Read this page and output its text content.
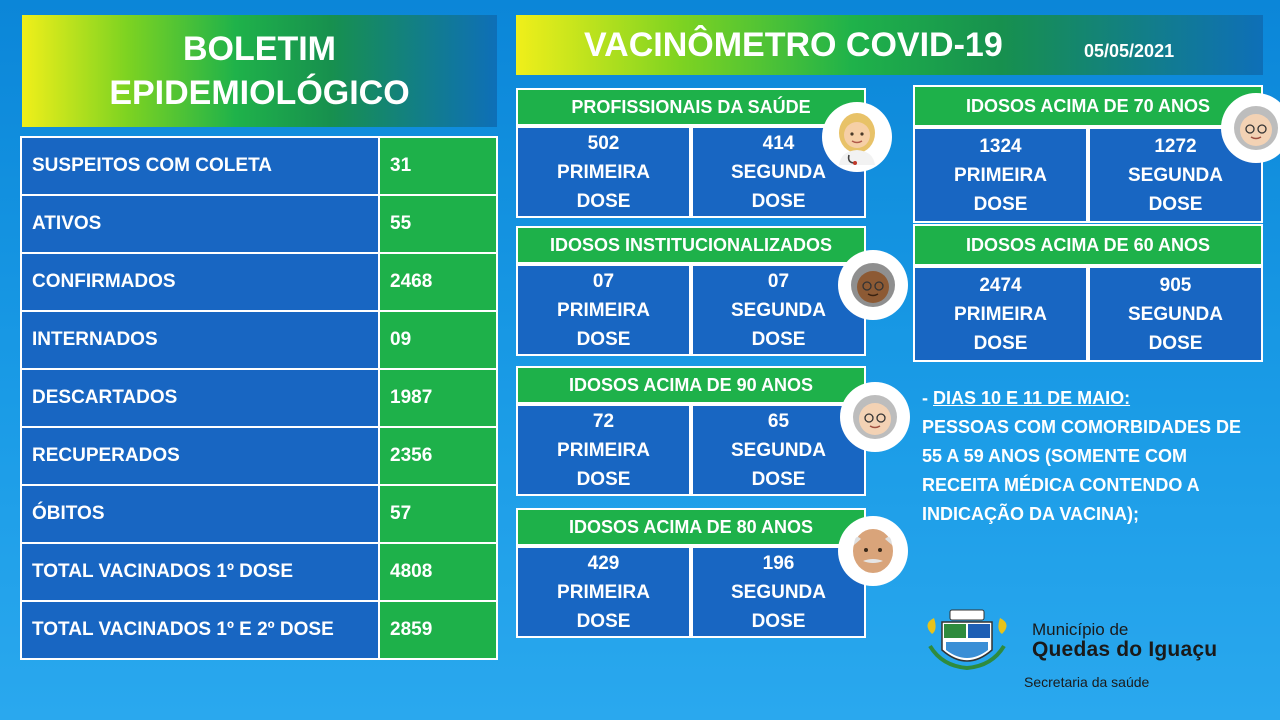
BOLETIM
EPIDEMIOLÓGICO
VACINÔMETRO COVID-19	05/05/2021
SUSPEITOS COM COLETA	31
ATIVOS	55
CONFIRMADOS	2468
INTERNADOS	09
DESCARTADOS	1987
RECUPERADOS	2356
ÓBITOS	57
TOTAL VACINADOS 1º DOSE	4808
TOTAL VACINADOS 1º E 2º DOSE	2859
PROFISSIONAIS DA SAÚDE
502
PRIMEIRA
DOSE
414
SEGUNDA
DOSE
IDOSOS INSTITUCIONALIZADOS
07
PRIMEIRA
DOSE
07
SEGUNDA
DOSE
IDOSOS ACIMA DE 90 ANOS
72
PRIMEIRA
DOSE
65
SEGUNDA
DOSE
IDOSOS ACIMA DE 80 ANOS
429
PRIMEIRA
DOSE
196
SEGUNDA
DOSE
IDOSOS ACIMA DE 70 ANOS
1324
PRIMEIRA
DOSE
1272
SEGUNDA
DOSE
IDOSOS ACIMA DE 60 ANOS
2474
PRIMEIRA
DOSE
905
SEGUNDA
DOSE
- DIAS 10 E 11 DE MAIO:
PESSOAS COM COMORBIDADES DE 55 A 59 ANOS (SOMENTE COM RECEITA MÉDICA CONTENDO A INDICAÇÃO DA VACINA);
Município de
Quedas do Iguaçu
Secretaria da saúde
